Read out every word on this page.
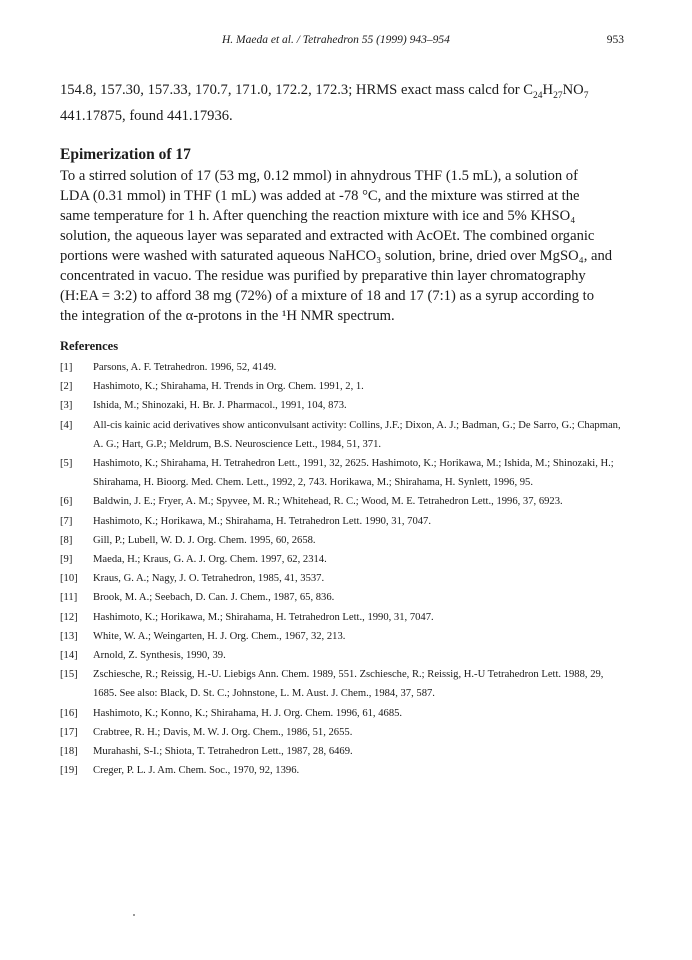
H. Maeda et al. / Tetrahedron 55 (1999) 943–954	953
154.8, 157.30, 157.33, 170.7, 171.0, 172.2, 172.3; HRMS exact mass calcd for $C_{24}H_{27}NO_7$
441.17875, found 441.17936.
Epimerization of 17
To a stirred solution of 17 (53 mg, 0.12 mmol) in ahnydrous THF (1.5 mL), a solution of
LDA (0.31 mmol) in THF (1 mL) was added at -78 °C, and the mixture was stirred at the
same temperature for 1 h. After quenching the reaction mixture with ice and 5% KHSO₄
solution, the aqueous layer was separated and extracted with AcOEt. The combined organic
portions were washed with saturated aqueous NaHCO₃ solution, brine, dried over MgSO₄, and
concentrated in vacuo. The residue was purified by preparative thin layer chromatography
(H:EA = 3:2) to afford 38 mg (72%) of a mixture of 18 and 17 (7:1) as a syrup according to
the integration of the α-protons in the ¹H NMR spectrum.
References
[1]	Parsons, A. F. Tetrahedron. 1996, 52, 4149.
[2]	Hashimoto, K.; Shirahama, H. Trends in Org. Chem. 1991, 2, 1.
[3]	Ishida, M.; Shinozaki, H. Br. J. Pharmacol., 1991, 104, 873.
[4]	All-cis kainic acid derivatives show anticonvulsant activity: Collins, J.F.; Dixon, A. J.; Badman, G.; De Sarro, G.; Chapman,
A. G.; Hart, G.P.; Meldrum, B.S. Neuroscience Lett., 1984, 51, 371.
[5]	Hashimoto, K.; Shirahama, H. Tetrahedron Lett., 1991, 32, 2625. Hashimoto, K.; Horikawa, M.; Ishida, M.; Shinozaki, H.;
Shirahama, H. Bioorg. Med. Chem. Lett., 1992, 2, 743. Horikawa, M.; Shirahama, H. Synlett, 1996, 95.
[6]	Baldwin, J. E.; Fryer, A. M.; Spyvee, M. R.; Whitehead, R. C.; Wood, M. E. Tetrahedron Lett., 1996, 37, 6923.
[7]	Hashimoto, K.; Horikawa, M.; Shirahama, H. Tetrahedron Lett. 1990, 31, 7047.
[8]	Gill, P.; Lubell, W. D. J. Org. Chem. 1995, 60, 2658.
[9]	Maeda, H.; Kraus, G. A. J. Org. Chem. 1997, 62, 2314.
[10]	Kraus, G. A.; Nagy, J. O. Tetrahedron, 1985, 41, 3537.
[11]	Brook, M. A.; Seebach, D. Can. J. Chem., 1987, 65, 836.
[12]	Hashimoto, K.; Horikawa, M.; Shirahama, H. Tetrahedron Lett., 1990, 31, 7047.
[13]	White, W. A.; Weingarten, H. J. Org. Chem., 1967, 32, 213.
[14]	Arnold, Z. Synthesis, 1990, 39.
[15]	Zschiesche, R.; Reissig, H.-U. Liebigs Ann. Chem. 1989, 551. Zschiesche, R.; Reissig, H.-U Tetrahedron Lett. 1988, 29,
1685. See also: Black, D. St. C.; Johnstone, L. M. Aust. J. Chem., 1984, 37, 587.
[16]	Hashimoto, K.; Konno, K.; Shirahama, H. J. Org. Chem. 1996, 61, 4685.
[17]	Crabtree, R. H.; Davis, M. W. J. Org. Chem., 1986, 51, 2655.
[18]	Murahashi, S-I.; Shiota, T. Tetrahedron Lett., 1987, 28, 6469.
[19]	Creger, P. L. J. Am. Chem. Soc., 1970, 92, 1396.
